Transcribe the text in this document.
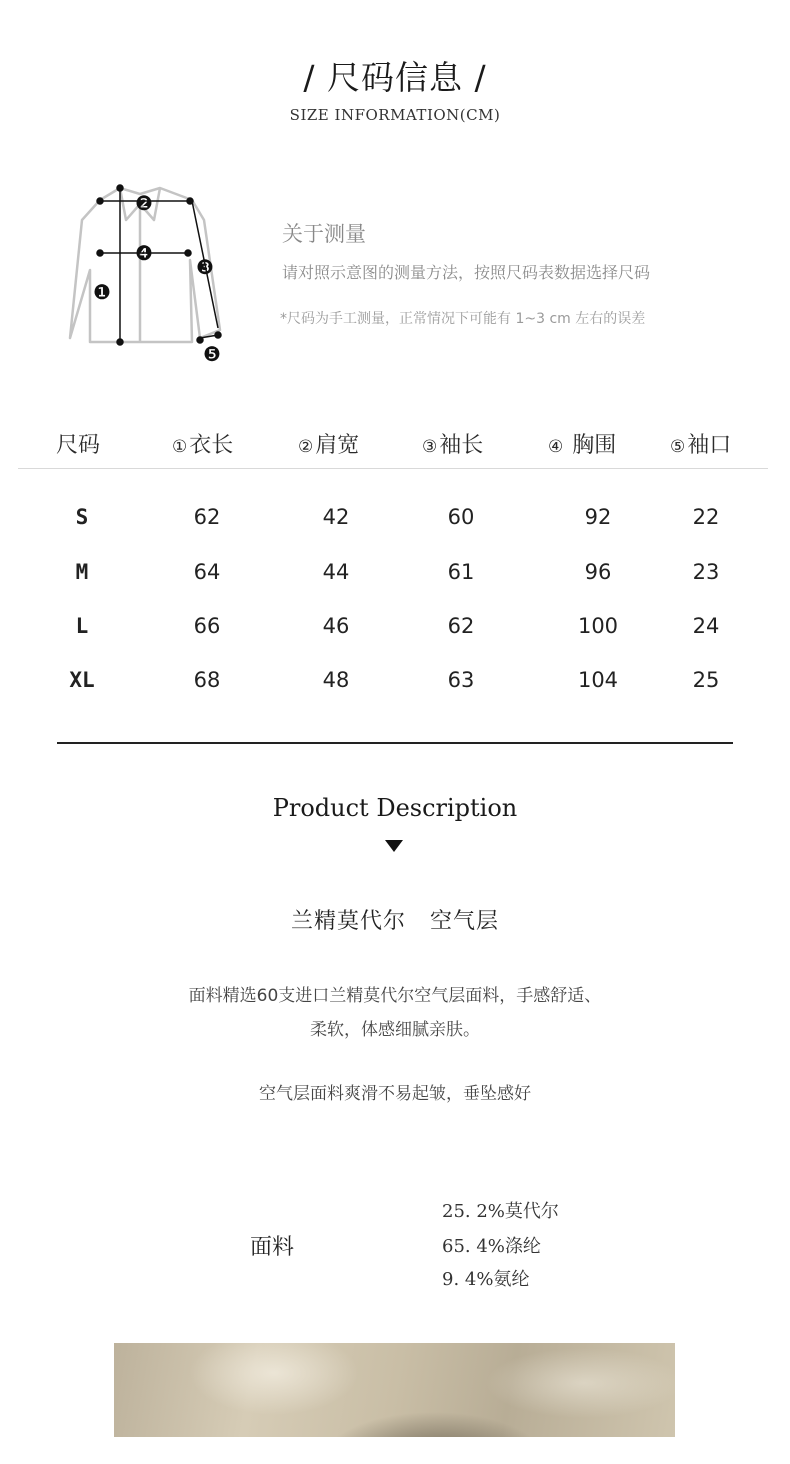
/ 尺码信息 /
SIZE INFORMATION(CM)
❶
❷
❸
❹
❺
关于测量
请对照示意图的测量方法，按照尺码表数据选择尺码
*尺码为手工测量，正常情况下可能有 1~3 cm 左右的误差
尺码	①衣长	②肩宽	③袖长	④ 胸围	⑤袖口
S	62	42	60	92	22
M	64	44	61	96	23
L	66	46	62	100	24
XL	68	48	63	104	25
Product Description
兰精莫代尔   空气层
面料精选60支进口兰精莫代尔空气层面料，手感舒适、
柔软，体感细腻亲肤。
空气层面料爽滑不易起皱，垂坠感好
面料
25. 2%莫代尔
65. 4%涤纶
9. 4%氨纶
